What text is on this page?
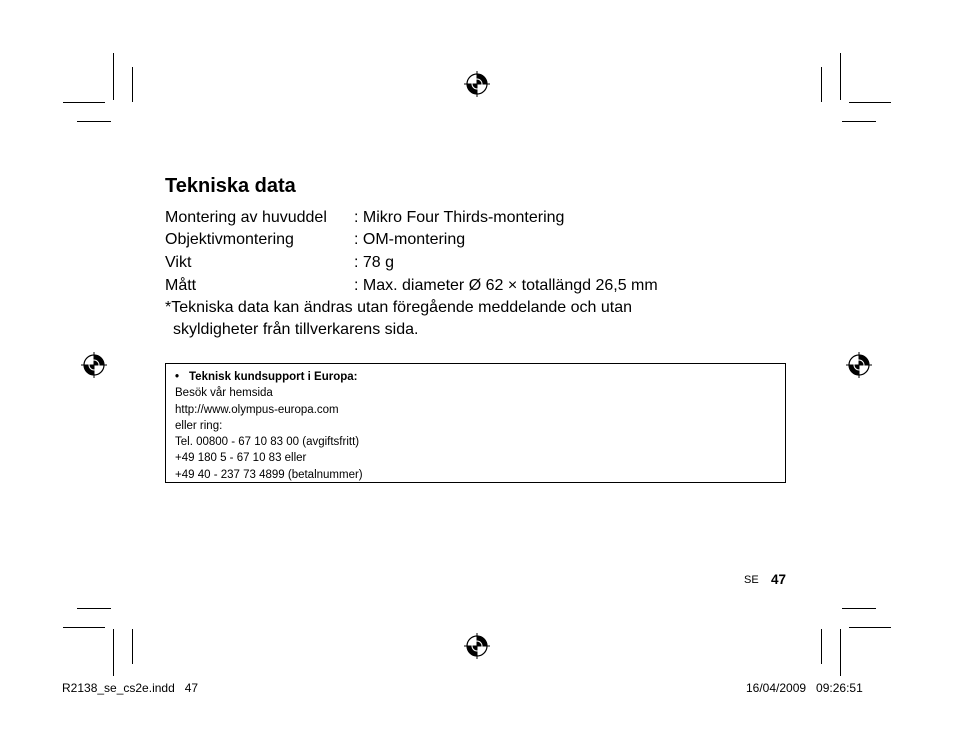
Tekniska data
Montering av huvuddel : Mikro Four Thirds-montering
Objektivmontering	: OM-montering
Vikt	: 78 g
Mått	: Max. diameter Ø 62 × totallängd 26,5 mm
*Tekniska data kan ändras utan föregående meddelande och utan
skyldigheter från tillverkarens sida.
• Teknisk kundsupport i Europa:
Besök vår hemsida
http://www.olympus-europa.com
eller ring:
Tel. 00800 - 67 10 83 00 (avgiftsfritt)
+49 180 5 - 67 10 83 eller
+49 40 - 237 73 4899 (betalnummer)
SE 47
R2138_se_cs2e.indd   47	16/04/2009   09:26:51
